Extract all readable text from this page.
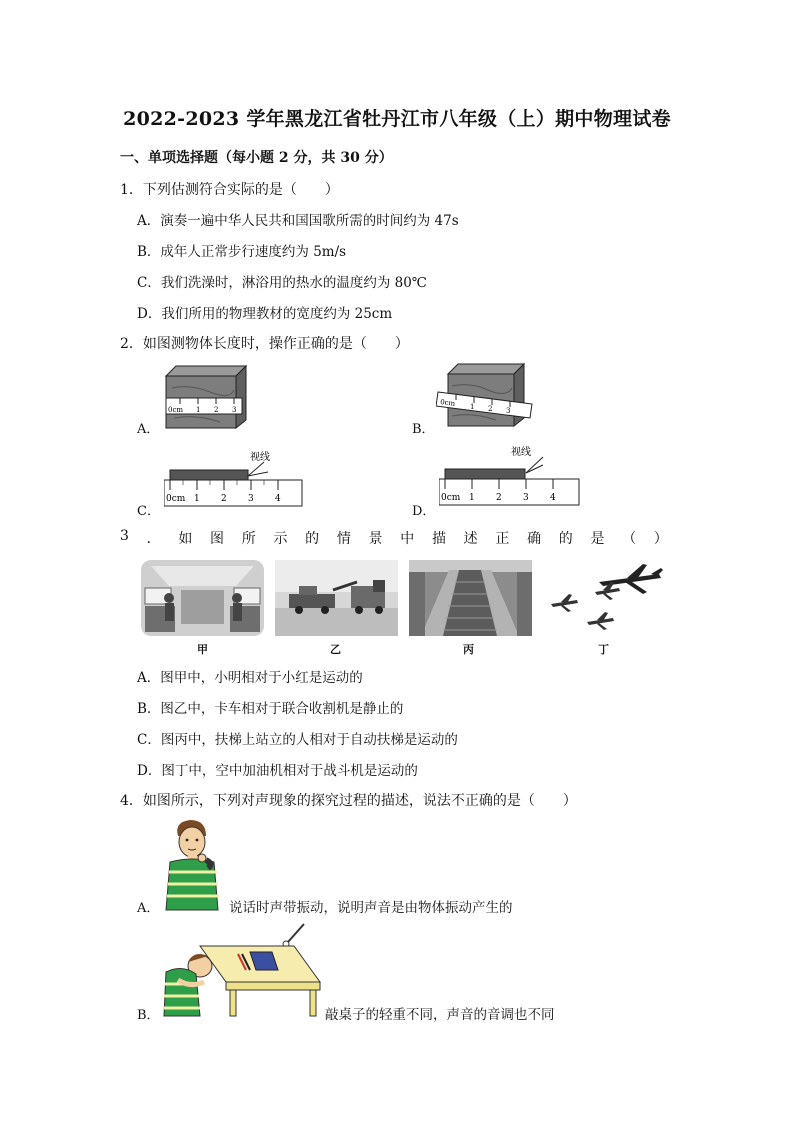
2022-2023 学年黑龙江省牡丹江市八年级（上）期中物理试卷
一、单项选择题（每小题 2 分，共 30 分）
1．下列估测符合实际的是（　　）
A．演奏一遍中华人民共和国国歌所需的时间约为 47s
B．成年人正常步行速度约为 5m/s
C．我们洗澡时，淋浴用的热水的温度约为 80℃
D．我们所用的物理教材的宽度约为 25cm
2．如图测物体长度时，操作正确的是（　　）
A．
0cm 1 2 3
B．
0cm 1 2 3
C．
0cm 1 2 3 4
视线
D．
0cm 1 2 3 4
视线
3 ． 如 图 所 示 的 情 景 中 描 述 正 确 的 是 （ ）
甲	乙	丙	丁
A．图甲中，小明相对于小红是运动的
B．图乙中，卡车相对于联合收割机是静止的
C．图丙中，扶梯上站立的人相对于自动扶梯是运动的
D．图丁中，空中加油机相对于战斗机是运动的
4．如图所示，下列对声现象的探究过程的描述，说法不正确的是（　　）
A．	说话时声带振动，说明声音是由物体振动产生的
B．	敲桌子的轻重不同，声音的音调也不同
